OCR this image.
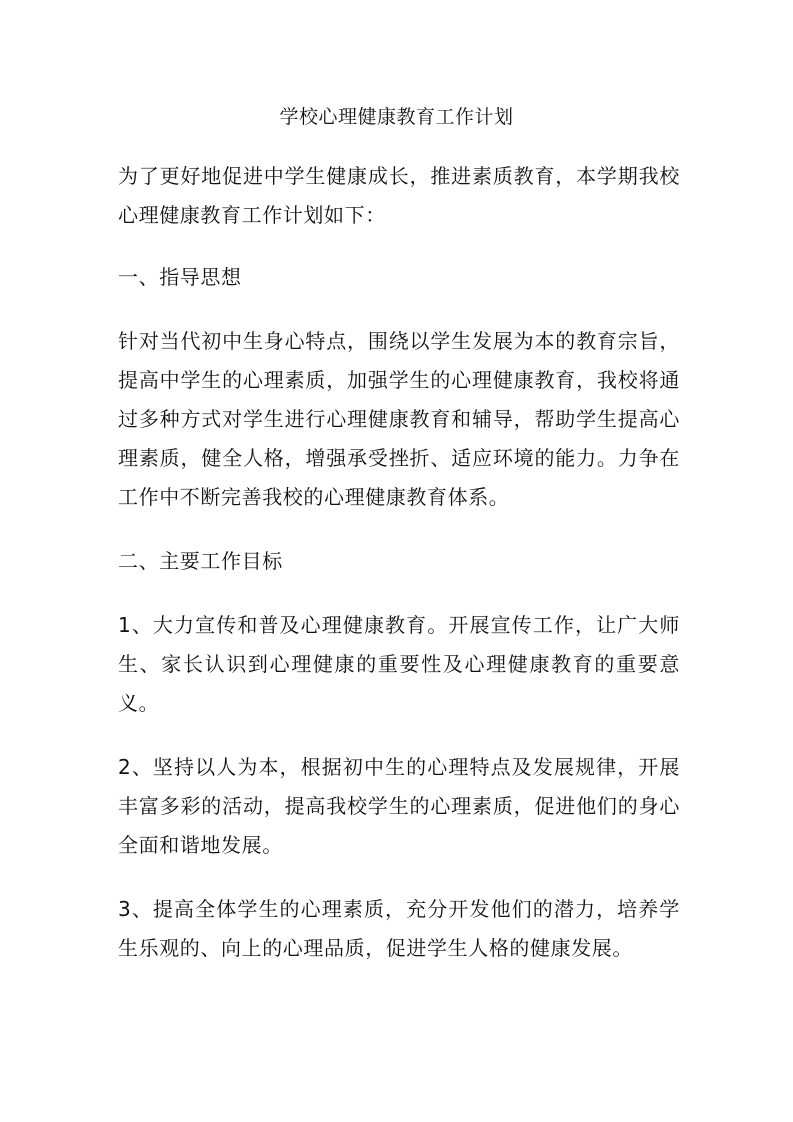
学校心理健康教育工作计划

为了更好地促进中学生健康成长，推进素质教育，本学期我校心理健康教育工作计划如下：

一、指导思想

针对当代初中生身心特点，围绕以学生发展为本的教育宗旨，提高中学生的心理素质，加强学生的心理健康教育，我校将通过多种方式对学生进行心理健康教育和辅导，帮助学生提高心理素质，健全人格，增强承受挫折、适应环境的能力。力争在工作中不断完善我校的心理健康教育体系。

二、主要工作目标

1、大力宣传和普及心理健康教育。开展宣传工作，让广大师生、家长认识到心理健康的重要性及心理健康教育的重要意义。

2、坚持以人为本，根据初中生的心理特点及发展规律，开展丰富多彩的活动，提高我校学生的心理素质，促进他们的身心全面和谐地发展。

3、提高全体学生的心理素质，充分开发他们的潜力，培养学生乐观的、向上的心理品质，促进学生人格的健康发展。
